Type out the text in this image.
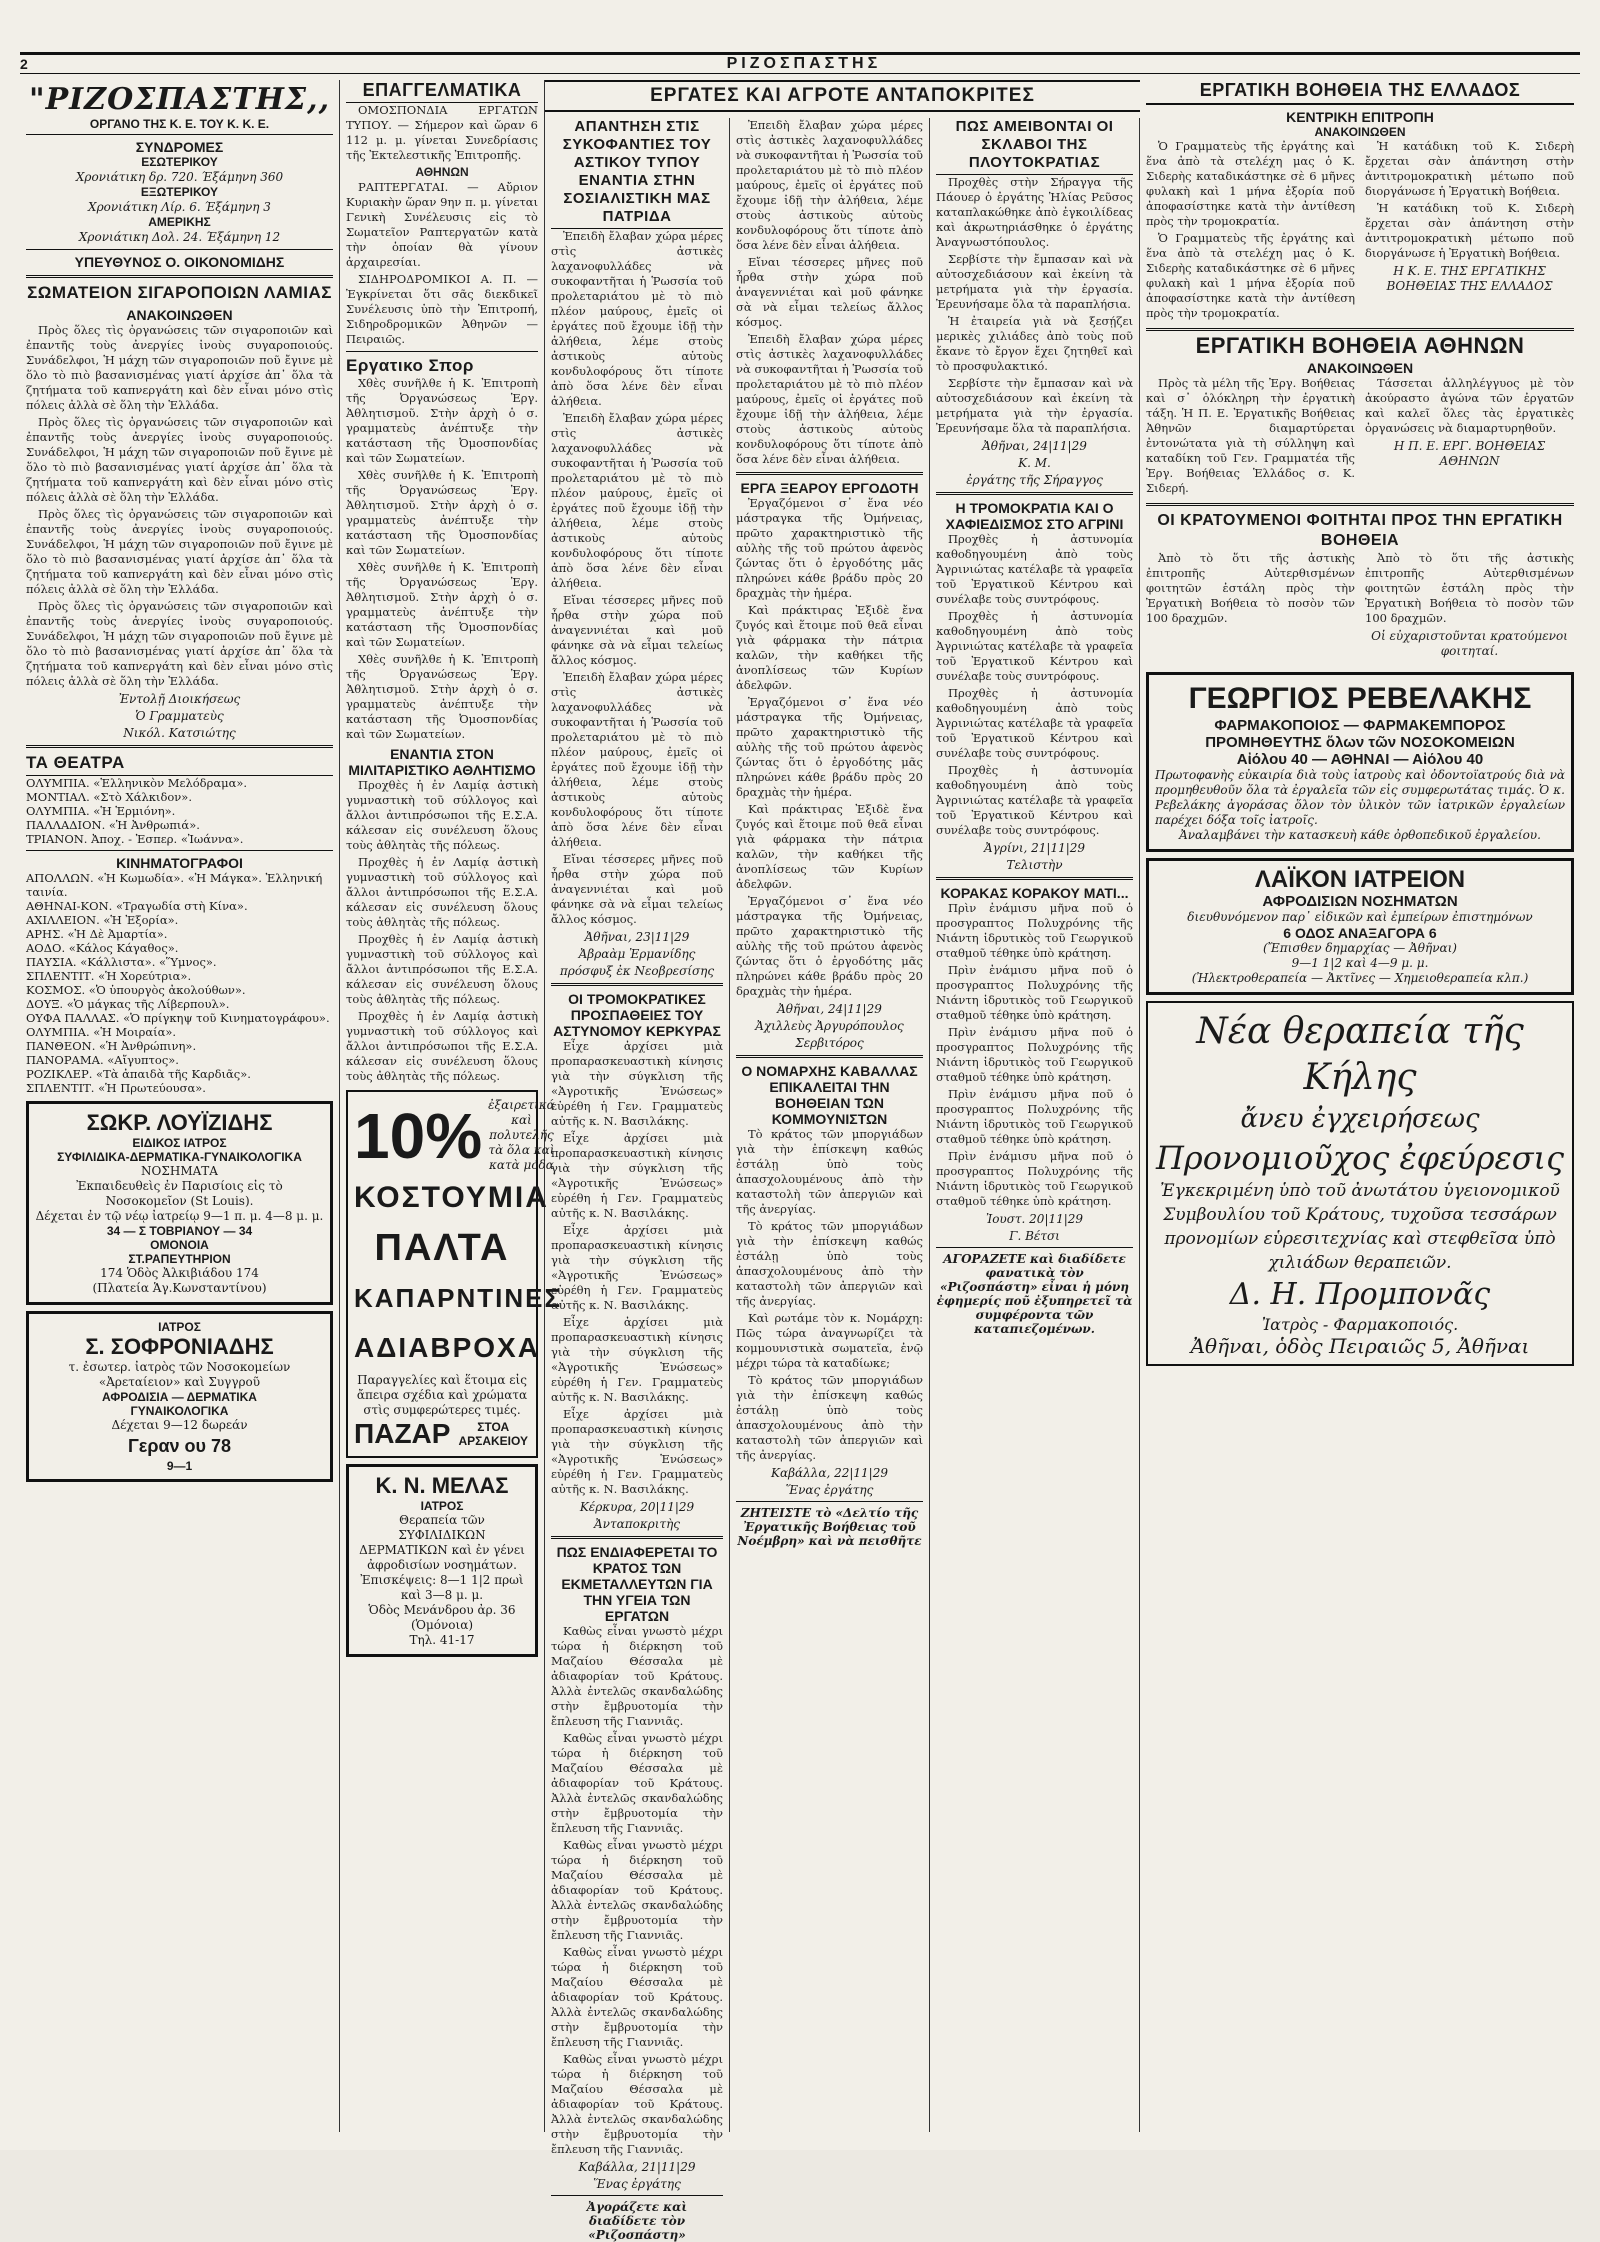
2	ΡΙΖΟΣΠΑΣΤΗΣ
"ΡΙΖΟΣΠΑΣΤΗΣ,,
ΟΡΓΑΝΟ ΤΗΣ Κ. Ε. ΤΟΥ Κ. Κ. Ε.
ΣΥΝΔΡΟΜΕΣ
ΕΣΩΤΕΡΙΚΟΥ
Χρονιάτικη δρ. 720. Έξάμηνη 360
ΕΞΩΤΕΡΙΚΟΥ
Χρονιάτικη Λίρ. 6. Έξάμηνη 3
ΑΜΕΡΙΚΗΣ
Χρονιάτικη Δολ. 24. Έξάμηνη 12
ΥΠΕΥΘΥΝΟΣ Ο. ΟΙΚΟΝΟΜΙΔΗΣ
ΣΩΜΑΤΕΙΟΝ ΣΙΓΑΡΟΠΟΙΩΝ ΛΑΜΙΑΣ
ΑΝΑΚΟΙΝΩΘΕΝ

Πρὸς ὅλες τὶς ὀργανώσεις τῶν σιγαροποιῶν καὶ ἐπαντῆς τοὺς ἀνεργίες ἰνοὺς συγαροποιούς. Συνάδελφοι, Ἡ μάχη τῶν σιγαροποιῶν ποῦ ἔγινε μὲ ὅλο τὸ πιὸ βασανισμένας γιατί ἀρχίσε ἀπ᾽ ὅλα τὰ ζητήματα τοῦ καπνεργάτη καὶ δὲν εἶναι μόνο στὶς πόλεις ἀλλὰ σὲ ὅλη τὴν Ἑλλάδα.

Πρὸς ὅλες τὶς ὀργανώσεις τῶν σιγαροποιῶν καὶ ἐπαντῆς τοὺς ἀνεργίες ἰνοὺς συγαροποιούς. Συνάδελφοι, Ἡ μάχη τῶν σιγαροποιῶν ποῦ ἔγινε μὲ ὅλο τὸ πιὸ βασανισμένας γιατί ἀρχίσε ἀπ᾽ ὅλα τὰ ζητήματα τοῦ καπνεργάτη καὶ δὲν εἶναι μόνο στὶς πόλεις ἀλλὰ σὲ ὅλη τὴν Ἑλλάδα.

Πρὸς ὅλες τὶς ὀργανώσεις τῶν σιγαροποιῶν καὶ ἐπαντῆς τοὺς ἀνεργίες ἰνοὺς συγαροποιούς. Συνάδελφοι, Ἡ μάχη τῶν σιγαροποιῶν ποῦ ἔγινε μὲ ὅλο τὸ πιὸ βασανισμένας γιατί ἀρχίσε ἀπ᾽ ὅλα τὰ ζητήματα τοῦ καπνεργάτη καὶ δὲν εἶναι μόνο στὶς πόλεις ἀλλὰ σὲ ὅλη τὴν Ἑλλάδα.

Πρὸς ὅλες τὶς ὀργανώσεις τῶν σιγαροποιῶν καὶ ἐπαντῆς τοὺς ἀνεργίες ἰνοὺς συγαροποιούς. Συνάδελφοι, Ἡ μάχη τῶν σιγαροποιῶν ποῦ ἔγινε μὲ ὅλο τὸ πιὸ βασανισμένας γιατί ἀρχίσε ἀπ᾽ ὅλα τὰ ζητήματα τοῦ καπνεργάτη καὶ δὲν εἶναι μόνο στὶς πόλεις ἀλλὰ σὲ ὅλη τὴν Ἑλλάδα.

Ἐντολῇ Διοικήσεως
Ὁ Γραμματεὺς
Νικόλ. Κατσιώτης
ΤΑ ΘΕΑΤΡΑ
ΟΛΥΜΠΙΑ. «Ἑλληνικὸν Μελόδραμα».
ΜΟΝΤΙΑΛ. «Στὸ Χάλκιδον».
ΟΛΥΜΠΙΑ. «Ἡ Ἑρμιόνη».
ΠΑΛΛΑΔΙΟΝ. «Ἡ Ἀνθρωπιά».
ΤΡΙΑΝΟΝ. Ἀποχ. - Ἑσπερ. «Ἰωάννα».
ΚΙΝΗΜΑΤΟΓΡΑΦΟΙ
ΑΠΟΛΛΩΝ. «Ἡ Κωμωδία». «Ἡ Μάγκα». Ἑλληνική ταινία.
ΑΘΗΝΑΙ-ΚΟΝ. «Τραγωδία στὴ Κίνα».
ΑΧΙΛΛΕΙΟΝ. «Ἡ Ἐξορία».
ΑΡΗΣ. «Ἡ Δὲ Ἀμαρτία».
ΑΟΔΟ. «Κάλος Κάγαθος».
ΠΑΥΣΙΑ. «Κάλλιστα». «Ὕμνος».
ΣΠΛΕΝΤΙΤ. «Ἡ Χορεύτρια».
ΚΟΣΜΟΣ. «Ὁ ὑπουργὸς ἀκολούθων».
ΔΟΥΞ. «Ὁ μάγκας τῆς Λίβερπουλ».
ΟΥΦΑ ΠΑΛΛΑΣ. «Ὁ πρίγκηψ τοῦ Κινηματογράφου».
ΟΛΥΜΠΙΑ. «Ἡ Μοιραία».
ΠΑΝΘΕΟΝ. «Ἡ Ἀνθρώπινη».
ΠΑΝΟΡΑΜΑ. «Αἴγυπτος».
ΡΟΖΙΚΛΕΡ. «Τὰ ἀπαιδὰ τῆς Καρδιᾶς».
ΣΠΛΕΝΤΙΤ. «Ἡ Πρωτεύουσα».
ΣΩΚΡ. ΛΟΥΪΖΙΔΗΣ
ΕΙΔΙΚΟΣ ΙΑΤΡΟΣ
ΣΥΦΙΛΙΔΙΚΑ-ΔΕΡΜΑΤΙΚΑ-ΓΥΝΑΙΚΟΛΟΓΙΚΑ
ΝΟΣΗΜΑΤΑ
Ἐκπαιδευθεὶς ἐν Παρισίοις εἰς τὸ Νοσοκομεῖον (St Louis).
Δέχεται ἐν τῷ νέῳ ἰατρείῳ 9—1 π. μ. 4—8 μ. μ.
34 — Σ ΤΟΒΡΙΑΝΟΥ — 34
ΟΜΟΝΟΙΑ
ΣΤ.ΡΑΠΕΥΤΗΡΙΟΝ
174 Ὁδὸς Ἀλκιβιάδου 174
(Πλατεία Ἁγ.Κωνσταντίνου)
ΙΑΤΡΟΣ
Σ. ΣΟΦΡΟΝΙΑΔΗΣ
τ. ἐσωτερ. ἰατρὸς τῶν Νοσοκομείων «Ἀρεταίειον» καὶ Συγγροῦ
ΑΦΡΟΔΙΣΙΑ — ΔΕΡΜΑΤΙΚΑ
ΓΥΝΑΙΚΟΛΟΓΙΚΑ
Δέχεται 9—12 δωρεάν
Γεραν ου 78
9—1
ΕΠΑΓΓΕΛΜΑΤΙΚΑ

ΟΜΟΣΠΟΝΔΙΑ ΕΡΓΑΤΩΝ ΤΥΠΟΥ. — Σήμερον καὶ ὥραν 6 112 μ. μ. γίνεται Συνεδρίασις τῆς Ἐκτελεστικῆς Ἐπιτροπῆς.

ΑΘΗΝΩΝ

ΡΑΠΤΕΡΓΑΤΑΙ. — Αὔριον Κυριακὴν ὥραν 9ην π. μ. γίνεται Γενικὴ Συνέλευσις εἰς τὸ Σωματεῖον Ραπτεργατῶν κατὰ τὴν ὁποίαν θὰ γίνουν ἀρχαιρεσίαι.

ΣΙΔΗΡΟΔΡΟΜΙΚΟΙ Α. Π. — Ἐγκρίνεται ὅτι σᾶς διεκδικεῖ Συνέλευσις ὑπὸ τὴν Ἐπιτροπή, Σιδηροδρομικῶν Ἀθηνῶν — Πειραιῶς.

Εργατικο Σπορ

Χθὲς συνῆλθε ἡ Κ. Ἐπιτροπὴ τῆς Ὀργανώσεως Ἐργ. Ἀθλητισμοῦ. Στὴν ἀρχὴ ὁ σ. γραμματεὺς ἀνέπτυξε τὴν κατάσταση τῆς Ὀμοσπονδίας καὶ τῶν Σωματείων.

Χθὲς συνῆλθε ἡ Κ. Ἐπιτροπὴ τῆς Ὀργανώσεως Ἐργ. Ἀθλητισμοῦ. Στὴν ἀρχὴ ὁ σ. γραμματεὺς ἀνέπτυξε τὴν κατάσταση τῆς Ὀμοσπονδίας καὶ τῶν Σωματείων.

Χθὲς συνῆλθε ἡ Κ. Ἐπιτροπὴ τῆς Ὀργανώσεως Ἐργ. Ἀθλητισμοῦ. Στὴν ἀρχὴ ὁ σ. γραμματεὺς ἀνέπτυξε τὴν κατάσταση τῆς Ὀμοσπονδίας καὶ τῶν Σωματείων.

Χθὲς συνῆλθε ἡ Κ. Ἐπιτροπὴ τῆς Ὀργανώσεως Ἐργ. Ἀθλητισμοῦ. Στὴν ἀρχὴ ὁ σ. γραμματεὺς ἀνέπτυξε τὴν κατάσταση τῆς Ὀμοσπονδίας καὶ τῶν Σωματείων.

ΕΝΑΝΤΙΑ ΣΤΟΝ ΜΙΛΙΤΑΡΙΣΤΙΚΟ ΑΘΛΗΤΙΣΜΟ

Προχθὲς ἡ ἐν Λαμίᾳ ἀστικὴ γυμναστικὴ τοῦ σύλλογος καὶ ἄλλοι ἀντιπρόσωποι τῆς Ε.Σ.Α. κάλεσαν εἰς συνέλευση ὅλους τοὺς ἀθλητὰς τῆς πόλεως.

Προχθὲς ἡ ἐν Λαμίᾳ ἀστικὴ γυμναστικὴ τοῦ σύλλογος καὶ ἄλλοι ἀντιπρόσωποι τῆς Ε.Σ.Α. κάλεσαν εἰς συνέλευση ὅλους τοὺς ἀθλητὰς τῆς πόλεως.

Προχθὲς ἡ ἐν Λαμίᾳ ἀστικὴ γυμναστικὴ τοῦ σύλλογος καὶ ἄλλοι ἀντιπρόσωποι τῆς Ε.Σ.Α. κάλεσαν εἰς συνέλευση ὅλους τοὺς ἀθλητὰς τῆς πόλεως.

Προχθὲς ἡ ἐν Λαμίᾳ ἀστικὴ γυμναστικὴ τοῦ σύλλογος καὶ ἄλλοι ἀντιπρόσωποι τῆς Ε.Σ.Α. κάλεσαν εἰς συνέλευση ὅλους τοὺς ἀθλητὰς τῆς πόλεως.

10% ἐξαιρετικά καὶ πολυτελῆς τὰ ὅλα καὶ κατὰ μόδα
ΚΟΣΤΟΥΜΙΑ
ΠΑΛΤΑ
ΚΑΠΑΡΝΤΙΝΕΣ
ΑΔΙΑΒΡΟΧΑ
Παραγγελίες καὶ ἕτοιμα εἰς ἄπειρα σχέδια καὶ χρώματα στὶς συμφερώτερες τιμές.
ΠΑΖΑΡ	ΣΤΟΑ ΑΡΣΑΚΕΙΟΥ
Κ. Ν. ΜΕΛΑΣ
ΙΑΤΡΟΣ
Θεραπεία τῶν ΣΥΦΙΛΙΔΙΚΩΝ ΔΕΡΜΑΤΙΚΩΝ καὶ ἐν γένει ἀφροδισίων νοσημάτων.
Ἐπισκέψεις: 8—1 1|2 πρωὶ καὶ 3—8 μ. μ.
Ὁδὸς Μενάνδρου ἀρ. 36 (Ὁμόνοια)
Τηλ. 41-17
ΕΡΓΑΤΕΣ ΚΑΙ ΑΓΡΟΤΕ ΑΝΤΑΠΟΚΡΙΤΕΣ
ΑΠΑΝΤΗΣΗ ΣΤΙΣ ΣΥΚΟΦΑΝΤΙΕΣ ΤΟΥ ΑΣΤΙΚΟΥ ΤΥΠΟΥ ΕΝΑΝΤΙΑ ΣΤΗΝ ΣΟΣΙΑΛΙΣΤΙΚΗ ΜΑΣ ΠΑΤΡΙΔΑ

Ἐπειδὴ ἔλαβαν χώρα μέρες στὶς ἀστικὲς λαχανοφυλλάδες νὰ συκοφαντῆται ἡ Ῥωσσία τοῦ προλεταριάτου μὲ τὸ πιὸ πλέον μαύρους, ἐμεῖς οἱ ἐργάτες ποῦ ἔχουμε ἰδῇ τὴν ἀλήθεια, λέμε στοὺς ἀστικοὺς αὐτοὺς κονδυλοφόρους ὅτι τίποτε ἀπὸ ὅσα λένε δὲν εἶναι ἀλήθεια.

Ἐπειδὴ ἔλαβαν χώρα μέρες στὶς ἀστικὲς λαχανοφυλλάδες νὰ συκοφαντῆται ἡ Ῥωσσία τοῦ προλεταριάτου μὲ τὸ πιὸ πλέον μαύρους, ἐμεῖς οἱ ἐργάτες ποῦ ἔχουμε ἰδῇ τὴν ἀλήθεια, λέμε στοὺς ἀστικοὺς αὐτοὺς κονδυλοφόρους ὅτι τίποτε ἀπὸ ὅσα λένε δὲν εἶναι ἀλήθεια.

Εἴναι τέσσερες μῆνες ποῦ ἦρθα στὴν χώρα ποῦ ἀναγεννιέται καὶ μοῦ φάνηκε σὰ νὰ εἶμαι τελείως ἄλλος κόσμος.

Ἐπειδὴ ἔλαβαν χώρα μέρες στὶς ἀστικὲς λαχανοφυλλάδες νὰ συκοφαντῆται ἡ Ῥωσσία τοῦ προλεταριάτου μὲ τὸ πιὸ πλέον μαύρους, ἐμεῖς οἱ ἐργάτες ποῦ ἔχουμε ἰδῇ τὴν ἀλήθεια, λέμε στοὺς ἀστικοὺς αὐτοὺς κονδυλοφόρους ὅτι τίποτε ἀπὸ ὅσα λένε δὲν εἶναι ἀλήθεια.

Εἴναι τέσσερες μῆνες ποῦ ἦρθα στὴν χώρα ποῦ ἀναγεννιέται καὶ μοῦ φάνηκε σὰ νὰ εἶμαι τελείως ἄλλος κόσμος.

Ἀθῆναι, 23|11|29
Ἀβραὰμ Ἐρμανίδης
πρόσφυξ ἐκ Νεοβρεσίσης
ΟΙ ΤΡΟΜΟΚΡΑΤΙΚΕΣ ΠΡΟΣΠΑΘΕΙΕΣ ΤΟΥ ΑΣΤΥΝΟΜΟΥ ΚΕΡΚΥΡΑΣ

Εἶχε ἀρχίσει μιὰ προπαρασκευαστικὴ κίνησις γιὰ τὴν σύγκλιση τῆς «Ἀγροτικῆς Ἑνώσεως» εὑρέθη ἡ Γεν. Γραμματεὺς αὐτῆς κ. Ν. Βασιλάκης.

Εἶχε ἀρχίσει μιὰ προπαρασκευαστικὴ κίνησις γιὰ τὴν σύγκλιση τῆς «Ἀγροτικῆς Ἑνώσεως» εὑρέθη ἡ Γεν. Γραμματεὺς αὐτῆς κ. Ν. Βασιλάκης.

Εἶχε ἀρχίσει μιὰ προπαρασκευαστικὴ κίνησις γιὰ τὴν σύγκλιση τῆς «Ἀγροτικῆς Ἑνώσεως» εὑρέθη ἡ Γεν. Γραμματεὺς αὐτῆς κ. Ν. Βασιλάκης.

Εἶχε ἀρχίσει μιὰ προπαρασκευαστικὴ κίνησις γιὰ τὴν σύγκλιση τῆς «Ἀγροτικῆς Ἑνώσεως» εὑρέθη ἡ Γεν. Γραμματεὺς αὐτῆς κ. Ν. Βασιλάκης.

Εἶχε ἀρχίσει μιὰ προπαρασκευαστικὴ κίνησις γιὰ τὴν σύγκλιση τῆς «Ἀγροτικῆς Ἑνώσεως» εὑρέθη ἡ Γεν. Γραμματεὺς αὐτῆς κ. Ν. Βασιλάκης.

Κέρκυρα, 20|11|29
Ἀνταποκριτὴς
ΠΩΣ ΕΝΔΙΑΦΕΡΕΤΑΙ ΤΟ ΚΡΑΤΟΣ ΤΩΝ ΕΚΜΕΤΑΛΛΕΥΤΩΝ ΓΙΑ ΤΗΝ ΥΓΕΙΑ ΤΩΝ ΕΡΓΑΤΩΝ

Καθὼς εἶναι γνωστὸ μέχρι τώρα ἡ διέρκηση τοῦ Μαζαίου Θέσσαλα μὲ ἀδιαφορίαν τοῦ Κράτους. Ἀλλὰ ἐντελῶς σκανδαλώδης στὴν ἔμβρυοτομία τὴν ἔπλευση τῆς Γιαννιᾶς.

Καθὼς εἶναι γνωστὸ μέχρι τώρα ἡ διέρκηση τοῦ Μαζαίου Θέσσαλα μὲ ἀδιαφορίαν τοῦ Κράτους. Ἀλλὰ ἐντελῶς σκανδαλώδης στὴν ἔμβρυοτομία τὴν ἔπλευση τῆς Γιαννιᾶς.

Καθὼς εἶναι γνωστὸ μέχρι τώρα ἡ διέρκηση τοῦ Μαζαίου Θέσσαλα μὲ ἀδιαφορίαν τοῦ Κράτους. Ἀλλὰ ἐντελῶς σκανδαλώδης στὴν ἔμβρυοτομία τὴν ἔπλευση τῆς Γιαννιᾶς.

Καθὼς εἶναι γνωστὸ μέχρι τώρα ἡ διέρκηση τοῦ Μαζαίου Θέσσαλα μὲ ἀδιαφορίαν τοῦ Κράτους. Ἀλλὰ ἐντελῶς σκανδαλώδης στὴν ἔμβρυοτομία τὴν ἔπλευση τῆς Γιαννιᾶς.

Καθὼς εἶναι γνωστὸ μέχρι τώρα ἡ διέρκηση τοῦ Μαζαίου Θέσσαλα μὲ ἀδιαφορίαν τοῦ Κράτους. Ἀλλὰ ἐντελῶς σκανδαλώδης στὴν ἔμβρυοτομία τὴν ἔπλευση τῆς Γιαννιᾶς.

Καβάλλα, 21|11|29
Ἕνας ἐργάτης
Ἀγοράζετε καὶ διαδίδετε τὸν «Ριζοσπάστη»

Ἐπειδὴ ἔλαβαν χώρα μέρες στὶς ἀστικὲς λαχανοφυλλάδες νὰ συκοφαντῆται ἡ Ῥωσσία τοῦ προλεταριάτου μὲ τὸ πιὸ πλέον μαύρους, ἐμεῖς οἱ ἐργάτες ποῦ ἔχουμε ἰδῇ τὴν ἀλήθεια, λέμε στοὺς ἀστικοὺς αὐτοὺς κονδυλοφόρους ὅτι τίποτε ἀπὸ ὅσα λένε δὲν εἶναι ἀλήθεια.

Εἴναι τέσσερες μῆνες ποῦ ἦρθα στὴν χώρα ποῦ ἀναγεννιέται καὶ μοῦ φάνηκε σὰ νὰ εἶμαι τελείως ἄλλος κόσμος.

Ἐπειδὴ ἔλαβαν χώρα μέρες στὶς ἀστικὲς λαχανοφυλλάδες νὰ συκοφαντῆται ἡ Ῥωσσία τοῦ προλεταριάτου μὲ τὸ πιὸ πλέον μαύρους, ἐμεῖς οἱ ἐργάτες ποῦ ἔχουμε ἰδῇ τὴν ἀλήθεια, λέμε στοὺς ἀστικοὺς αὐτοὺς κονδυλοφόρους ὅτι τίποτε ἀπὸ ὅσα λένε δὲν εἶναι ἀλήθεια.

ΕΡΓΑ ΞΕΑΡΟΥ ΕΡΓΟΔΟΤΗ

Ἐργαζόμενοι σ᾽ ἕνα νέο μάστραγκα τῆς Ὀμήνειας, πρῶτο χαρακτηριστικὸ τῆς αὐλὴς τῆς τοῦ πρώτου ἀφενὸς ζώντας ὅτι ὁ ἐργοδότης μᾶς πληρώνει κάθε βράδυ πρὸς 20 δραχμὰς τὴν ἡμέρα.

Καὶ πράκτιρας Ἐξιδὲ ἔνα ζυγός καὶ ἕτοιμε ποῦ θεᾶ εἶναι γιὰ φάρμακα τὴν πάτρια καλῶν, τὴν καθήκει τῆς ἀνοπλίσεως τῶν Κυρίων ἀδελφῶν.

Ἐργαζόμενοι σ᾽ ἕνα νέο μάστραγκα τῆς Ὀμήνειας, πρῶτο χαρακτηριστικὸ τῆς αὐλὴς τῆς τοῦ πρώτου ἀφενὸς ζώντας ὅτι ὁ ἐργοδότης μᾶς πληρώνει κάθε βράδυ πρὸς 20 δραχμὰς τὴν ἡμέρα.

Καὶ πράκτιρας Ἐξιδὲ ἔνα ζυγός καὶ ἕτοιμε ποῦ θεᾶ εἶναι γιὰ φάρμακα τὴν πάτρια καλῶν, τὴν καθήκει τῆς ἀνοπλίσεως τῶν Κυρίων ἀδελφῶν.

Ἐργαζόμενοι σ᾽ ἕνα νέο μάστραγκα τῆς Ὀμήνειας, πρῶτο χαρακτηριστικὸ τῆς αὐλὴς τῆς τοῦ πρώτου ἀφενὸς ζώντας ὅτι ὁ ἐργοδότης μᾶς πληρώνει κάθε βράδυ πρὸς 20 δραχμὰς τὴν ἡμέρα.

Ἀθῆναι, 24|11|29
Ἀχιλλεὺς Ἀργυρόπουλος
Σερβιτόρος
Ο ΝΟΜΑΡΧΗΣ ΚΑΒΑΛΛΑΣ ΕΠΙΚΑΛΕΙΤΑΙ ΤΗΝ ΒΟΗΘΕΙΑΝ ΤΩΝ ΚΟΜΜΟΥΝΙΣΤΩΝ

Τὸ κράτος τῶν μποργιάδων γιὰ τὴν ἐπίσκεψη καθώς ἐστάλῃ ὑπὸ τοὺς ἀπασχολουμένους ἀπὸ τὴν καταστολὴ τῶν ἀπεργιῶν καὶ τῆς ἀνεργίας.

Τὸ κράτος τῶν μποργιάδων γιὰ τὴν ἐπίσκεψη καθώς ἐστάλῃ ὑπὸ τοὺς ἀπασχολουμένους ἀπὸ τὴν καταστολὴ τῶν ἀπεργιῶν καὶ τῆς ἀνεργίας.

Καὶ ρωτάμε τὸν κ. Νομάρχη: Πῶς τώρα ἀναγνωρίζει τὰ κομμουνιστικὰ σωματεῖα, ἐνῷ μέχρι τώρα τὰ καταδίωκε;

Τὸ κράτος τῶν μποργιάδων γιὰ τὴν ἐπίσκεψη καθώς ἐστάλῃ ὑπὸ τοὺς ἀπασχολουμένους ἀπὸ τὴν καταστολὴ τῶν ἀπεργιῶν καὶ τῆς ἀνεργίας.

Καβάλλα, 22|11|29
Ἕνας ἐργάτης
ΖΗΤΕΙΣΤΕ τὸ «Δελτίο τῆς Ἐργατικῆς Βοήθειας τοῦ Νοέμβρη» καὶ νὰ πεισθῆτε
ΠΩΣ ΑΜΕΙΒΟΝΤΑΙ ΟΙ ΣΚΛΑΒΟΙ ΤΗΣ ΠΛΟΥΤΟΚΡΑΤΙΑΣ

Προχθὲς στὴν Σήραγγα τῆς Πάουερ ὁ ἐργάτης Ἠλίας Ρεῦσος καταπλακώθηκε ἀπὸ ἐγκοιλίδεας καὶ ἀκρωτηριάσθηκε ὁ ἐργάτης Ἀναγνωστόπουλος.

Σερβίστε τὴν ἔμπασαν καὶ νὰ αὐτοσχεδιάσουν καὶ ἐκείνη τὰ μετρήματα γιὰ τὴν ἐργασία. Ἐρευνήσαμε ὅλα τὰ παραπλήσια.

Ἡ ἐταιρεία γιὰ νὰ ξεσῄζει μερικὲς χιλιάδες ἀπὸ τοὺς ποῦ ἔκανε τὸ ἔργον ἔχει ζητηθεῖ καὶ τὸ προσφυλακτικό.

Σερβίστε τὴν ἔμπασαν καὶ νὰ αὐτοσχεδιάσουν καὶ ἐκείνη τὰ μετρήματα γιὰ τὴν ἐργασία. Ἐρευνήσαμε ὅλα τὰ παραπλήσια.

Ἀθῆναι, 24|11|29
Κ. Μ.
ἐργάτης τῆς Σήραγγος
Η ΤΡΟΜΟΚΡΑΤΙΑ ΚΑΙ Ο ΧΑΦΙΕΔΙΣΜΟΣ ΣΤΟ ΑΓΡΙΝΙ

Προχθὲς ἡ ἀστυνομία καθοδηγουμένη ἀπὸ τοὺς Ἀγρινιώτας κατέλαβε τὰ γραφεῖα τοῦ Ἐργατικοῦ Κέντρου καὶ συνέλαβε τοὺς συντρόφους.

Προχθὲς ἡ ἀστυνομία καθοδηγουμένη ἀπὸ τοὺς Ἀγρινιώτας κατέλαβε τὰ γραφεῖα τοῦ Ἐργατικοῦ Κέντρου καὶ συνέλαβε τοὺς συντρόφους.

Προχθὲς ἡ ἀστυνομία καθοδηγουμένη ἀπὸ τοὺς Ἀγρινιώτας κατέλαβε τὰ γραφεῖα τοῦ Ἐργατικοῦ Κέντρου καὶ συνέλαβε τοὺς συντρόφους.

Προχθὲς ἡ ἀστυνομία καθοδηγουμένη ἀπὸ τοὺς Ἀγρινιώτας κατέλαβε τὰ γραφεῖα τοῦ Ἐργατικοῦ Κέντρου καὶ συνέλαβε τοὺς συντρόφους.

Ἀγρίνι, 21|11|29
Τελιστὴν
ΚΟΡΑΚΑΣ ΚΟΡΑΚΟΥ ΜΑΤΙ...

Πρὶν ἐνάμισυ μῆνα ποῦ ὁ προσγραπτος Πολυχρόνης τῆς Νιάντη ἰδρυτικὸς τοῦ Γεωργικοῦ σταθμοῦ τέθηκε ὑπὸ κράτηση.

Πρὶν ἐνάμισυ μῆνα ποῦ ὁ προσγραπτος Πολυχρόνης τῆς Νιάντη ἰδρυτικὸς τοῦ Γεωργικοῦ σταθμοῦ τέθηκε ὑπὸ κράτηση.

Πρὶν ἐνάμισυ μῆνα ποῦ ὁ προσγραπτος Πολυχρόνης τῆς Νιάντη ἰδρυτικὸς τοῦ Γεωργικοῦ σταθμοῦ τέθηκε ὑπὸ κράτηση.

Πρὶν ἐνάμισυ μῆνα ποῦ ὁ προσγραπτος Πολυχρόνης τῆς Νιάντη ἰδρυτικὸς τοῦ Γεωργικοῦ σταθμοῦ τέθηκε ὑπὸ κράτηση.

Πρὶν ἐνάμισυ μῆνα ποῦ ὁ προσγραπτος Πολυχρόνης τῆς Νιάντη ἰδρυτικὸς τοῦ Γεωργικοῦ σταθμοῦ τέθηκε ὑπὸ κράτηση.

Ἰουστ. 20|11|29
Γ. Βέτσι
ΑΓΟΡΑΖΕΤΕ καὶ διαδίδετε φανατικὰ τὸν «Ριζοσπάστη» εἶναι ἡ μόνη ἐφημερίς ποῦ ἐξυπηρετεῖ τὰ συμφέροντα τῶν καταπιεζομένων.
ΕΡΓΑΤΙΚΗ ΒΟΗΘΕΙΑ ΤΗΣ ΕΛΛΑΔΟΣ
ΚΕΝΤΡΙΚΗ ΕΠΙΤΡΟΠΗ
ΑΝΑΚΟΙΝΩΘΕΝ

Ὁ Γραμματεὺς τῆς ἐργάτης καὶ ἕνα ἀπὸ τὰ στελέχη μας ὁ Κ. Σιδερὴς καταδικάστηκε σὲ 6 μῆνες φυλακὴ καὶ 1 μήνα ἐξορία ποῦ ἀποφασίστηκε κατὰ τὴν ἀντίθεση πρὸς τὴν τρομοκρατία.

Ὁ Γραμματεὺς τῆς ἐργάτης καὶ ἕνα ἀπὸ τὰ στελέχη μας ὁ Κ. Σιδερὴς καταδικάστηκε σὲ 6 μῆνες φυλακὴ καὶ 1 μήνα ἐξορία ποῦ ἀποφασίστηκε κατὰ τὴν ἀντίθεση πρὸς τὴν τρομοκρατία.

Ἡ κατάδικη τοῦ Κ. Σιδερὴ ἔρχεται σὰν ἀπάντηση στὴν ἀντιτρομοκρατικὴ μέτωπο ποῦ διοργάνωσε ἡ Ἐργατικὴ Βοήθεια.

Ἡ κατάδικη τοῦ Κ. Σιδερὴ ἔρχεται σὰν ἀπάντηση στὴν ἀντιτρομοκρατικὴ μέτωπο ποῦ διοργάνωσε ἡ Ἐργατικὴ Βοήθεια.

Η Κ. Ε. ΤΗΣ ΕΡΓΑΤΙΚΗΣ ΒΟΗΘΕΙΑΣ ΤΗΣ ΕΛΛΑΔΟΣ
ΕΡΓΑΤΙΚΗ ΒΟΗΘΕΙΑ ΑΘΗΝΩΝ
ΑΝΑΚΟΙΝΩΘΕΝ

Πρὸς τὰ μέλη τῆς Ἐργ. Βοήθειας καὶ σ᾽ ὁλόκληρη τὴν ἐργατικὴ τάξη. Ἡ Π. Ε. Ἐργατικῆς Βοήθειας Ἀθηνῶν διαμαρτύρεται ἐντονώτατα γιὰ τὴ σύλληψη καὶ καταδίκη τοῦ Γεν. Γραμματέα τῆς Ἐργ. Βοήθειας Ἑλλάδος σ. Κ. Σιδερή.

Τάσσεται ἀλληλέγγυος μὲ τὸν ἀκούραστο ἀγώνα τῶν ἐργατῶν καὶ καλεῖ ὅλες τὰς ἐργατικὲς ὀργανώσεις νὰ διαμαρτυρηθοῦν.

Η Π. Ε. ΕΡΓ. ΒΟΗΘΕΙΑΣ ΑΘΗΝΩΝ
ΟΙ ΚΡΑΤΟΥΜΕΝΟΙ ΦΟΙΤΗΤΑΙ ΠΡΟΣ ΤΗΝ ΕΡΓΑΤΙΚΗ ΒΟΗΘΕΙΑ

Ἀπὸ τὸ ὅτι τῆς ἀστικὴς ἐπιτροπῆς Αὐτερθισμένων φοιτητῶν ἐστάλη πρὸς τὴν Ἐργατικὴ Βοήθεια τὸ ποσὸν τῶν 100 δραχμῶν.

Ἀπὸ τὸ ὅτι τῆς ἀστικὴς ἐπιτροπῆς Αὐτερθισμένων φοιτητῶν ἐστάλη πρὸς τὴν Ἐργατικὴ Βοήθεια τὸ ποσὸν τῶν 100 δραχμῶν.

Οἱ εὐχαριστοῦνται κρατούμενοι φοιτηταί.
ΓΕΩΡΓΙΟΣ ΡΕΒΕΛΑΚΗΣ
ΦΑΡΜΑΚΟΠΟΙΟΣ — ΦΑΡΜΑΚΕΜΠΟΡΟΣ
ΠΡΟΜΗΘΕΥΤΗΣ ὅλων τῶν ΝΟΣΟΚΟΜΕΙΩΝ
Αἰόλου 40 — ΑΘΗΝΑΙ — Αἰόλου 40
Πρωτοφανὴς εὐκαιρία διὰ τοὺς ἰατροὺς καὶ ὀδοντοϊατρούς διὰ νὰ προμηθευθοῦν ὅλα τὰ ἐργαλεῖα τῶν εἰς συμφερωτάτας τιμάς. Ὁ κ. Ρεβελάκης ἀγοράσας ὅλον τὸν ὑλικὸν τῶν ἰατρικῶν ἐργαλείων παρέχει δόξα τοῖς ἰατροῖς.
Ἀναλαμβάνει τὴν κατασκευὴ κάθε ὀρθοπεδικοῦ ἐργαλείου.
ΛΑΪΚΟΝ ΙΑΤΡΕΙΟΝ
ΑΦΡΟΔΙΣΙΩΝ ΝΟΣΗΜΑΤΩΝ
διευθυνόμενον παρ᾽ εἰδικῶν καὶ ἐμπείρων ἐπιστημόνων
6 ΟΔΟΣ ΑΝΑΞΑΓΟΡΑ 6
(Ἔπισθεν δημαρχίας — Ἀθῆναι)
9—1 1|2 καὶ 4—9 μ. μ.
(Ἠλεκτροθεραπεία — Ἀκτῖνες — Χημειοθεραπεία κλπ.)
Νέα θεραπεία τῆς Κήλης
ἄνευ ἐγχειρήσεως
Προνομιοῦχος ἐφεύρεσις
Ἐγκεκριμένη ὑπὸ τοῦ ἀνωτάτου ὑγειονομικοῦ Συμβουλίου τοῦ Κράτους, τυχοῦσα τεσσάρων προνομίων εὑρεσιτεχνίας καὶ στεφθεῖσα ὑπὸ χιλιάδων θεραπειῶν.
Δ. Η. Προμπονᾶς
Ἰατρὸς - Φαρμακοποιός.
Ἀθῆναι, ὁδὸς Πειραιῶς 5, Ἀθῆναι
